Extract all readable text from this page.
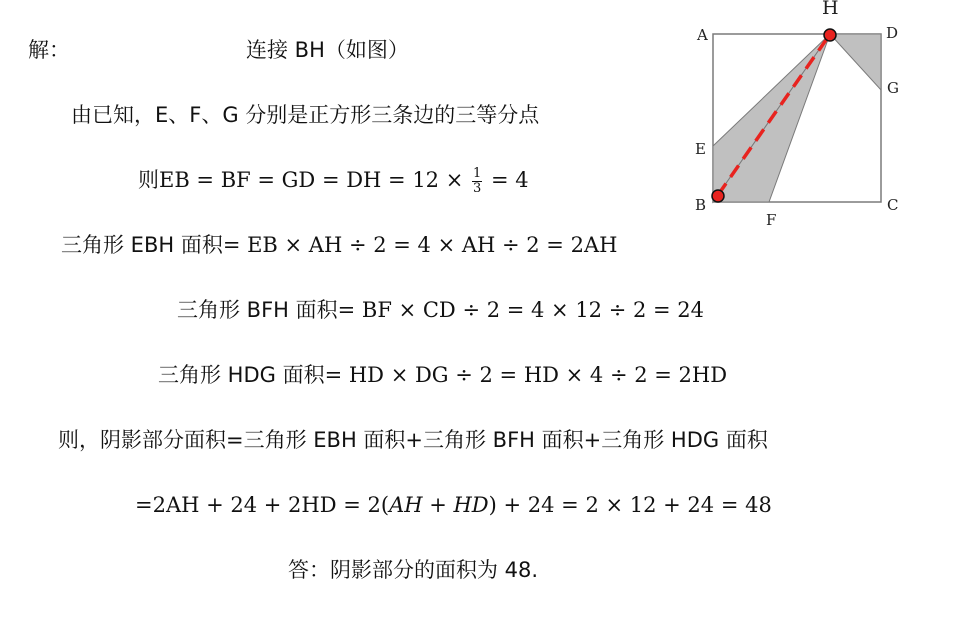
解：	连接 BH（如图）
由已知，E、F、G 分别是正方形三条边的三等分点
则EB = BF = GD = DH = $12 \times \frac{1}{3} = 4$
三角形 EBH 面积= EB × AH ÷ 2 = 4 × AH ÷ 2 = 2AH
三角形 BFH 面积= BF × CD ÷ 2 = 4 × 12 ÷ 2 = 24
三角形 HDG 面积= HD × DG ÷ 2 = HD × 4 ÷ 2 = 2HD
则，阴影部分面积=三角形 EBH 面积+三角形 BFH 面积+三角形 HDG 面积
=2AH + 24 + 2HD = 2(AH + HD) + 24 = 2 × 12 + 24 = 48
答：阴影部分的面积为 48.
A
B	C
D
E
F
G
H
